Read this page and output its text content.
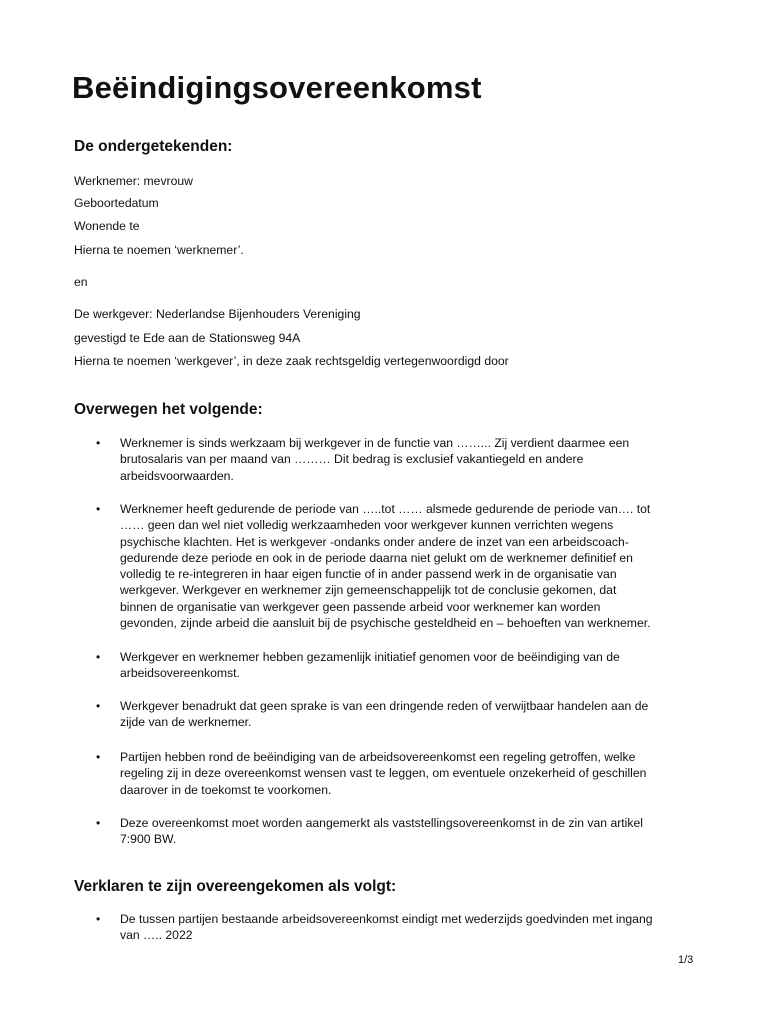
Beëindigingsovereenkomst
De ondergetekenden:
Werknemer: mevrouw
Geboortedatum
Wonende te
Hierna te noemen ‘werknemer’.
en
De werkgever: Nederlandse Bijenhouders Vereniging
gevestigd te Ede aan de Stationsweg 94A
Hierna te noemen ‘werkgever’, in deze zaak rechtsgeldig vertegenwoordigd door
Overwegen het volgende:
• Werknemer is sinds werkzaam bij werkgever in de functie van ……... Zij verdient daarmee een
brutosalaris van per maand van ……… Dit bedrag is exclusief vakantiegeld en andere
arbeidsvoorwaarden.
• Werknemer heeft gedurende de periode van …..tot …… alsmede gedurende de periode van…. tot
…… geen dan wel niet volledig werkzaamheden voor werkgever kunnen verrichten wegens
psychische klachten. Het is werkgever -ondanks onder andere de inzet van een arbeidscoach-
gedurende deze periode en ook in de periode daarna niet gelukt om de werknemer definitief en
volledig te re-integreren in haar eigen functie of in ander passend werk in de organisatie van
werkgever. Werkgever en werknemer zijn gemeenschappelijk tot de conclusie gekomen, dat
binnen de organisatie van werkgever geen passende arbeid voor werknemer kan worden
gevonden, zijnde arbeid die aansluit bij de psychische gesteldheid en – behoeften van werknemer.
• Werkgever en werknemer hebben gezamenlijk initiatief genomen voor de beëindiging van de
arbeidsovereenkomst.
• Werkgever benadrukt dat geen sprake is van een dringende reden of verwijtbaar handelen aan de
zijde van de werknemer.
• Partijen hebben rond de beëindiging van de arbeidsovereenkomst een regeling getroffen, welke
regeling zij in deze overeenkomst wensen vast te leggen, om eventuele onzekerheid of geschillen
daarover in de toekomst te voorkomen.
• Deze overeenkomst moet worden aangemerkt als vaststellingsovereenkomst in de zin van artikel
7:900 BW.
Verklaren te zijn overeengekomen als volgt:
• De tussen partijen bestaande arbeidsovereenkomst eindigt met wederzijds goedvinden met ingang
van ….. 2022
1/3
